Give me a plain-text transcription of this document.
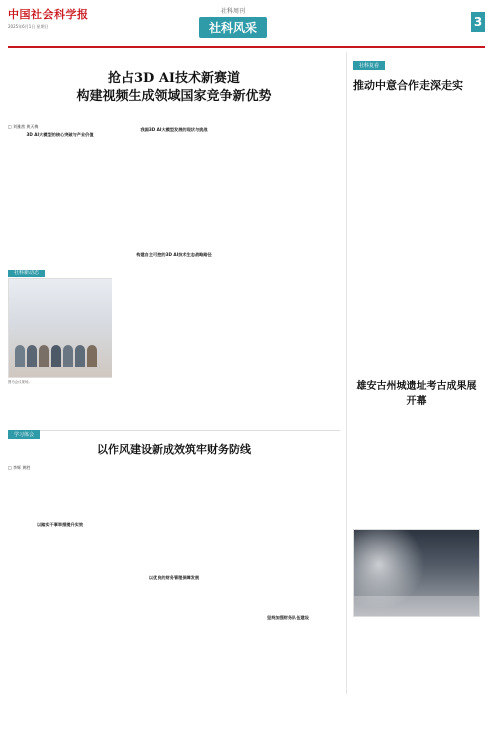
中国社会科学报
2025年6月1日 星期日
社科周刊
社科风采	3
抢占3D AI技术新赛道
构建视频生成领域国家竞争新优势
□ 刘雅茜 黄天梅
3D AI大模型的核心突破与产业价值
社科新动态
图为会议现场。
我国3D AI大模型发展的现状与挑战
构建自主可控的3D AI技术生态战略路径
学习体会
以作风建设新成效筑牢财务防线
□ 李辉 黄胜
以踏实干事举措提升实效
以优良的财务管理保障发展
坚持加强财务队伍建设
社科复看
推动中意合作走深走实
雄安古州城遗址考古成果展开幕
